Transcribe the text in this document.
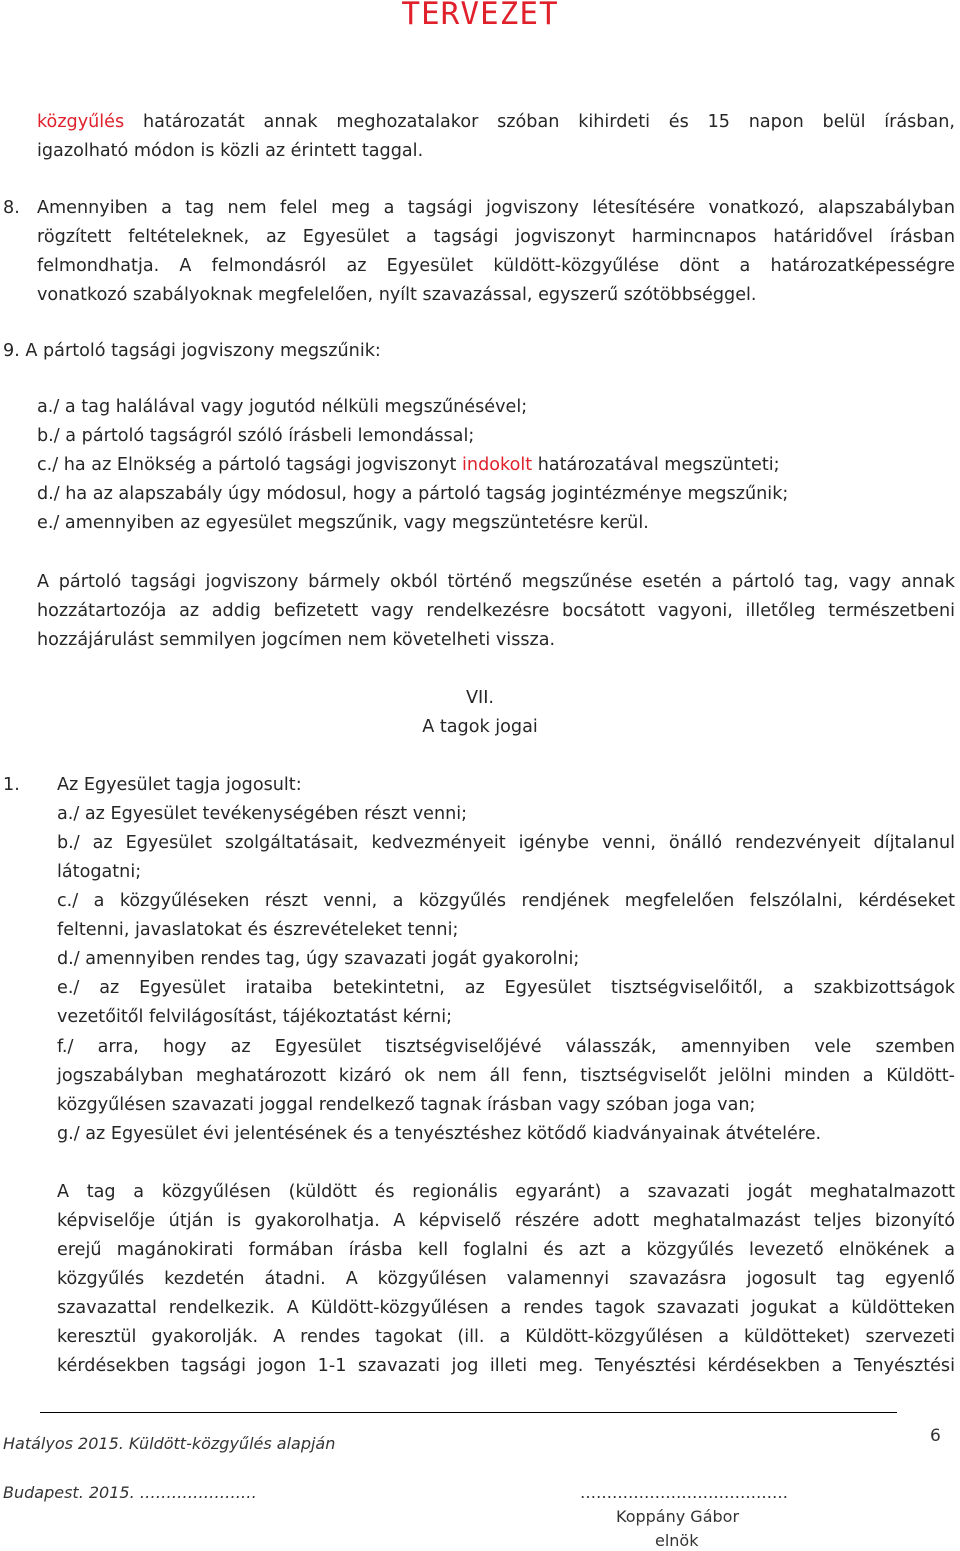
TERVEZET
közgyűlés határozatát annak meghozatalakor szóban kihirdeti és 15 napon belül írásban,
igazolható módon is közli az érintett taggal.
8. Amennyiben a tag nem felel meg a tagsági jogviszony létesítésére vonatkozó, alapszabályban
rögzített feltételeknek, az Egyesület a tagsági jogviszonyt harmincnapos határidővel írásban
felmondhatja. A felmondásról az Egyesület küldött-közgyűlése dönt a határozatképességre
vonatkozó szabályoknak megfelelően, nyílt szavazással, egyszerű szótöbbséggel.
9. A pártoló tagsági jogviszony megszűnik:
a./ a tag halálával vagy jogutód nélküli megszűnésével;
b./ a pártoló tagságról szóló írásbeli lemondással;
c./ ha az Elnökség a pártoló tagsági jogviszonyt indokolt határozatával megszünteti;
d./ ha az alapszabály úgy módosul, hogy a pártoló tagság jogintézménye megszűnik;
e./ amennyiben az egyesület megszűnik, vagy megszüntetésre kerül.
A pártoló tagsági jogviszony bármely okból történő megszűnése esetén a pártoló tag, vagy annak
hozzátartozója az addig befizetett vagy rendelkezésre bocsátott vagyoni, illetőleg természetbeni
hozzájárulást semmilyen jogcímen nem követelheti vissza.
VII.
A tagok jogai
1. Az Egyesület tagja jogosult:
a./ az Egyesület tevékenységében részt venni;
b./ az Egyesület szolgáltatásait, kedvezményeit igénybe venni, önálló rendezvényeit díjtalanul
látogatni;
c./ a közgyűléseken részt venni, a közgyűlés rendjének megfelelően felszólalni, kérdéseket
feltenni, javaslatokat és észrevételeket tenni;
d./ amennyiben rendes tag, úgy szavazati jogát gyakorolni;
e./ az Egyesület irataiba betekintetni, az Egyesület tisztségviselőitől, a szakbizottságok
vezetőitől felvilágosítást, tájékoztatást kérni;
f./ arra, hogy az Egyesület tisztségviselőjévé válasszák, amennyiben vele szemben
jogszabályban meghatározott kizáró ok nem áll fenn, tisztségviselőt jelölni minden a Küldött-
közgyűlésen szavazati joggal rendelkező tagnak írásban vagy szóban joga van;
g./ az Egyesület évi jelentésének és a tenyésztéshez kötődő kiadványainak átvételére.
A tag a közgyűlésen (küldött és regionális egyaránt) a szavazati jogát meghatalmazott
képviselője útján is gyakorolhatja. A képviselő részére adott meghatalmazást teljes bizonyító
erejű magánokirati formában írásba kell foglalni és azt a közgyűlés levezető elnökének a
közgyűlés kezdetén átadni. A közgyűlésen valamennyi szavazásra jogosult tag egyenlő
szavazattal rendelkezik. A Küldött-közgyűlésen a rendes tagok szavazati jogukat a küldötteken
keresztül gyakorolják. A rendes tagokat (ill. a Küldött-közgyűlésen a küldötteket) szervezeti
kérdésekben tagsági jogon 1-1 szavazati jog illeti meg. Tenyésztési kérdésekben a Tenyésztési
Hatályos 2015. Küldött-közgyűlés alapján	6
Budapest. 2015. ……………….…	…………………………………
Koppány Gábor
elnök
